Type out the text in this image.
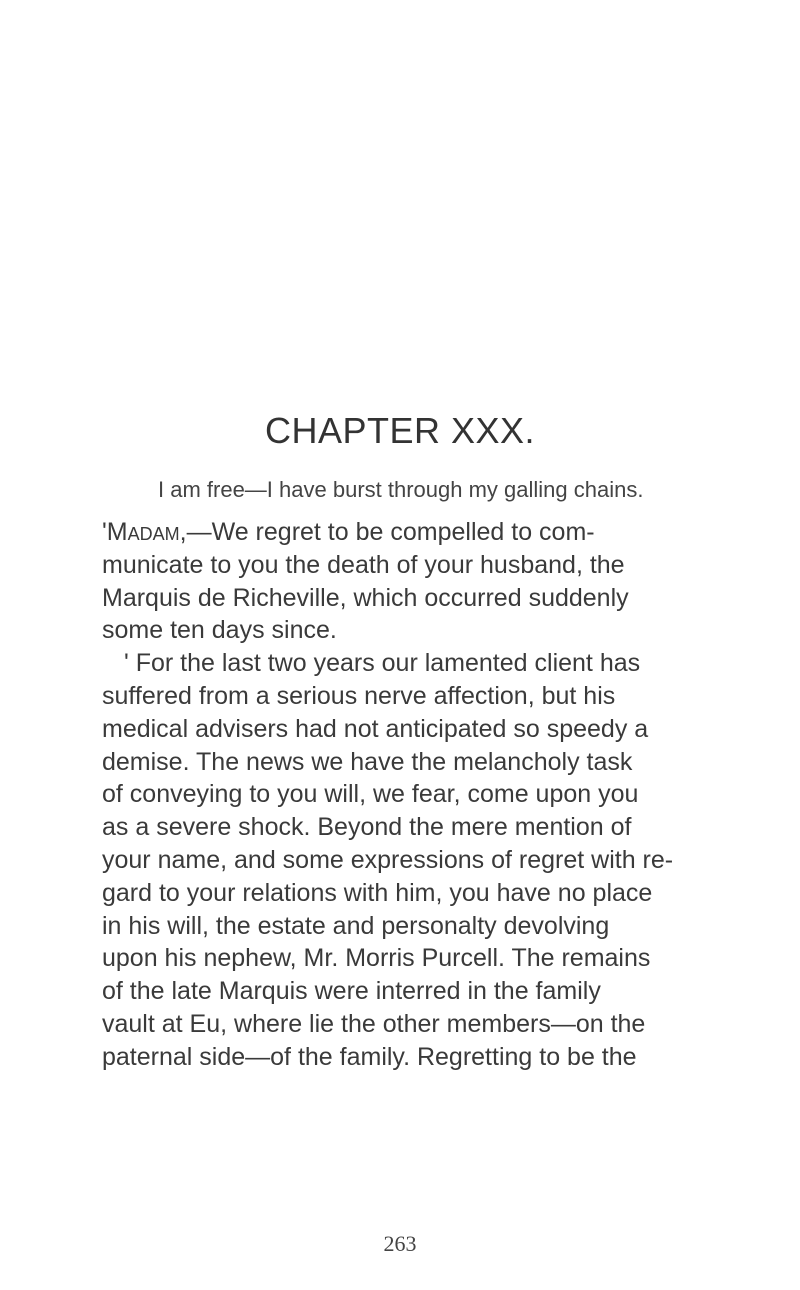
CHAPTER XXX.

I am free—I have burst through my galling chains.

'Madam,—We regret to be compelled to com-
municate to you the death of your husband, the
Marquis de Richeville, which occurred suddenly
some ten days since.
' For the last two years our lamented client has
suffered from a serious nerve affection, but his
medical advisers had not anticipated so speedy a
demise. The news we have the melancholy task
of conveying to you will, we fear, come upon you
as a severe shock. Beyond the mere mention of
your name, and some expressions of regret with re-
gard to your relations with him, you have no place
in his will, the estate and personalty devolving
upon his nephew, Mr. Morris Purcell. The remains
of the late Marquis were interred in the family
vault at Eu, where lie the other members—on the
paternal side—of the family. Regretting to be the
263
